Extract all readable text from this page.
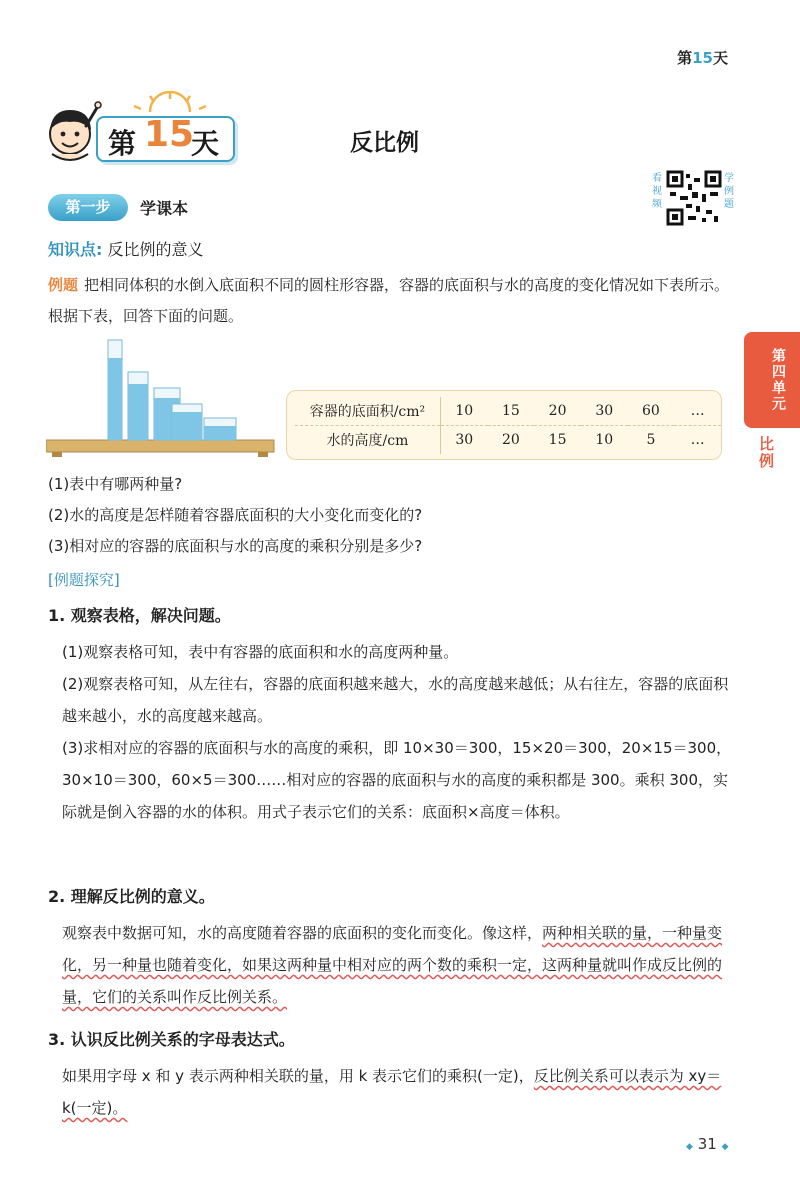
第15天
第 15
天	反比例
第一步	学课本
看视频
学例题
知识点: 反比例的意义
例题 把相同体积的水倒入底面积不同的圆柱形容器，容器的底面积与水的高度的变化情况如下表所示。根据下表，回答下面的问题。
容器的底面积/cm²	10	15	20	30	60	…
水的高度/cm	30	20	15	10	5	…
(1)表中有哪两种量?
(2)水的高度是怎样随着容器底面积的大小变化而变化的?
(3)相对应的容器的底面积与水的高度的乘积分别是多少?
[例题探究]
1. 观察表格，解决问题。
(1)观察表格可知，表中有容器的底面积和水的高度两种量。
(2)观察表格可知，从左往右，容器的底面积越来越大，水的高度越来越低；从右往左，容器的底面积越来越小，水的高度越来越高。
(3)求相对应的容器的底面积与水的高度的乘积，即 10×30＝300，15×20＝300，20×15＝300，30×10＝300，60×5＝300……相对应的容器的底面积与水的高度的乘积都是 300。乘积 300，实际就是倒入容器的水的体积。用式子表示它们的关系：底面积×高度＝体积。
2. 理解反比例的意义。
观察表中数据可知，水的高度随着容器的底面积的变化而变化。像这样，两种相关联的量，一种量变化，另一种量也随着变化，如果这两种量中相对应的两个数的乘积一定，这两种量就叫作成反比例的量，它们的关系叫作反比例关系。
3. 认识反比例关系的字母表达式。
如果用字母 x 和 y 表示两种相关联的量，用 k 表示它们的乘积(一定)，反比例关系可以表示为 xy＝k(一定)。
第四单元
比例
◆ 31 ◆
